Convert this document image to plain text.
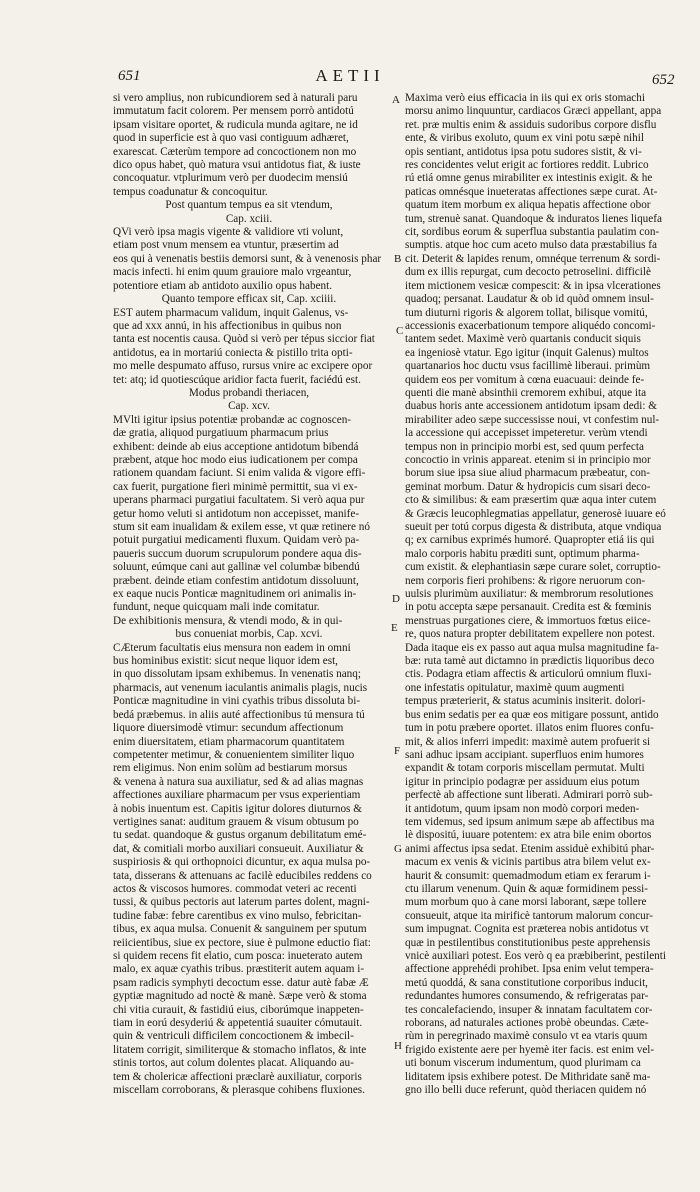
651	AETII	652

si vero amplius, non rubicundiorem sed à naturali paru

immutatum facit colorem. Per mensem porrò antidotú

ipsam visitare oportet, & rudicula munda agitare, ne id

quod in superficie est à quo vasi contiguum adhæret,

exarescat. Cæterùm tempore ad concoctionem non mo

dico opus habet, quò matura vsui antidotus fiat, & iuste

concoquatur. vtplurimum verò per duodecim mensiú

tempus coadunatur & concoquitur.

Post quantum tempus ea sit vtendum,

Cap. xciii.

QVi verò ipsa magis vigente & validiore vti volunt,

etiam post vnum mensem ea vtuntur, præsertim ad

eos qui à venenatis bestiis demorsi sunt, & à venenosis phar

macis infecti. hi enim quum grauiore malo vrgeantur,

potentiore etiam ab antidoto auxilio opus habent.

Quanto tempore efficax sit, Cap. xciiii.

EST autem pharmacum validum, inquit Galenus, vs-

que ad xxx annú, in his affectionibus in quibus non

tanta est nocentis causa. Quòd si verò per tépus siccior fiat

antidotus, ea in mortariú coniecta & pistillo trita opti-

mo melle despumato affuso, rursus vnire ac excipere opor

tet: atq; id quotiescúque aridior facta fuerit, faciédú est.

Modus probandi theriacen,

Cap. xcv.

MVlti igitur ipsius potentiæ probandæ ac cognoscen-

dæ gratia, aliquod purgatiuum pharmacum prius

exhibent: deinde ab eius acceptione antidotum bibendá

præbent, atque hoc modo eius iudicationem per compa

rationem quandam faciunt. Si enim valida & vigore effi-

cax fuerit, purgatione fieri minimè permittit, sua vi ex-

uperans pharmaci purgatiui facultatem. Si verò aqua pur

getur homo veluti si antidotum non accepisset, manife-

stum sit eam inualidam & exilem esse, vt quæ retinere nó

potuit purgatiui medicamenti fluxum. Quidam verò pa-

paueris succum duorum scrupulorum pondere aqua dis-

soluunt, eúmque cani aut gallinæ vel columbæ bibendú

præbent. deinde etiam confestim antidotum dissoluunt,

ex eaque nucis Ponticæ magnitudinem ori animalis in-

fundunt, neque quicquam mali inde comitatur.

De exhibitionis mensura, & vtendi modo, & in qui-

bus conueniat morbis, Cap. xcvi.

CÆterum facultatis eius mensura non eadem in omni

bus hominibus existit: sicut neque liquor idem est,

in quo dissolutam ipsam exhibemus. In venenatis nanq;

pharmacis, aut venenum iaculantis animalis plagis, nucis

Ponticæ magnitudine in vini cyathis tribus dissoluta bi-

bedá præbemus. in aliis auté affectionibus tú mensura tú

liquore diuersimodè vtimur: secundum affectionum

enim diuersitatem, etiam pharmacorum quantitatem

competenter metimur, & conuenientem similiter liquo

rem eligimus. Non enim solùm ad bestiarum morsus

& venena à natura sua auxiliatur, sed & ad alias magnas

affectiones auxiliare pharmacum per vsus experientiam

à nobis inuentum est. Capitis igitur dolores diuturnos &

vertigines sanat: auditum grauem & visum obtusum po

tu sedat. quandoque & gustus organum debilitatum emé-

dat, & comitiali morbo auxiliari consueuit. Auxiliatur &

suspiriosis & qui orthopnoici dicuntur, ex aqua mulsa po-

tata, disserans & attenuans ac facilè educibiles reddens co

actos & viscosos humores. commodat veteri ac recenti

tussi, & quibus pectoris aut laterum partes dolent, magni-

tudine fabæ: febre carentibus ex vino mulso, febricitan-

tibus, ex aqua mulsa. Conuenit & sanguinem per sputum

reiicientibus, siue ex pectore, siue è pulmone eductio fiat:

si quidem recens fit elatio, cum posca: inueterato autem

malo, ex aquæ cyathis tribus. præstiterit autem aquam i-

psam radicis symphyti decoctum esse. datur autè fabæ Æ

gyptiæ magnitudo ad noctè & manè. Sæpe verò & stoma

chi vitia curauit, & fastidiú eius, ciborúmque inappeten-

tiam in eorú desyderiú & appetentiá suauiter cómutauit.

quin & ventriculi difficilem concoctionem & imbecil-

litatem corrigit, similiterque & stomacho inflatos, & inte

stinis tortos, aut colum dolentes placat. Aliquando au-

tem & cholericæ affectioni præclarè auxiliatur, corporis

miscellam corroborans, & plerasque cohibens fluxiones.

Maxima verò eius efficacia in iis qui ex oris stomachi

morsu animo linquuntur, cardiacos Græci appellant, appa

ret. præ multis enim & assiduis sudoribus corpore disflu

ente, & viribus exoluto, quum ex vini potu sæpè nihil

opis sentiant, antidotus ipsa potu sudores sistit, & vi-

res concidentes velut erigit ac fortiores reddit. Lubrico

rú etiá omne genus mirabiliter ex intestinis exigit. & he

paticas omnésque inueteratas affectiones sæpe curat. At-

quatum item morbum ex aliqua hepatis affectione obor

tum, strenuè sanat. Quandoque & induratos lienes liquefa

cit, sordibus eorum & superflua substantia paulatim con-

sumptis. atque hoc cum aceto mulso data præstabilius fa

cit. Deterit & lapides renum, omnéque terrenum & sordi-

dum ex illis repurgat, cum decocto petroselini. difficilè

item mictionem vesicæ compescit: & in ipsa vlcerationes

quadoq; persanat. Laudatur & ob id quòd omnem insul-

tum diuturni rigoris & algorem tollat, bilisque vomitú,

accessionis exacerbationum tempore aliquédo concomi-

tantem sedet. Maximè verò quartanis conducit siquis

ea ingeniosè vtatur. Ego igitur (inquit Galenus) multos

quartanarios hoc ductu vsus facillimè liberaui. primùm

quidem eos per vomitum à cœna euacuaui: deinde fe-

quenti die manè absinthii cremorem exhibui, atque ita

duabus horis ante accessionem antidotum ipsam dedi: &

mirabiliter adeo sæpe successisse noui, vt confestim nul-

la accessione qui accepisset impeteretur. verùm vtendi

tempus non in principio morbi est, sed quum perfecta

concoctio in vrinis appareat. etenim si in principio mor

borum siue ipsa siue aliud pharmacum præbeatur, con-

geminat morbum. Datur & hydropicis cum sisari deco-

cto & similibus: & eam præsertim quæ aqua inter cutem

& Græcis leucophlegmatias appellatur, generosè iuuare eó

sueuit per totú corpus digesta & distributa, atque vndiqua

q; ex carnibus exprimés humoré. Quapropter etiá iis qui

malo corporis habitu præditi sunt, optimum pharma-

cum existit. & elephantiasin sæpe curare solet, corruptio-

nem corporis fieri prohibens: & rigore neruorum con-

uulsis plurimùm auxiliatur: & membrorum resolutiones

in potu accepta sæpe persanauit. Credita est & fœminis

menstruas purgationes ciere, & immortuos fœtus eiice-

re, quos natura propter debilitatem expellere non potest.

Dada itaque eis ex passo aut aqua mulsa magnitudine fa-

bæ: ruta tamè aut dictamno in prædictis liquoribus deco

ctis. Podagra etiam affectis & articulorú omnium fluxi-

one infestatis opitulatur, maximè quum augmenti

tempus præterierit, & status acuminis insiterit. dolori-

bus enim sedatis per ea quæ eos mitigare possunt, antido

tum in potu præbere oportet. illatos enim fluores confu-

mit, & alios inferri impedit: maximè autem profuerit si

sani adhuc ipsam accipiant. superfluos enim humores

expandit & totam corporis miscellam permutat. Multi

igitur in principio podagræ per assiduum eius potum

perfectè ab affectione sunt liberati. Admirari porrò sub-

it antidotum, quum ipsam non modò corpori meden-

tem videmus, sed ipsum animum sæpe ab affectibus ma

lè dispositú, iuuare potentem: ex atra bile enim obortos

animi affectus ipsa sedat. Etenim assiduè exhibitú phar-

macum ex venis & vicinis partibus atra bilem velut ex-

haurit & consumit: quemadmodum etiam ex ferarum i-

ctu illarum venenum. Quin & aquæ formidinem pessi-

mum morbum quo à cane morsi laborant, sæpe tollere

consueuit, atque ita mirificè tantorum malorum concur-

sum impugnat. Cognita est præterea nobis antidotus vt

quæ in pestilentibus constitutionibus peste apprehensis

vnicè auxiliari potest. Eos verò q ea præbiberint, pestilenti

affectione apprehédi prohibet. Ipsa enim velut tempera-

metú quoddá, & sana constitutione corporibus inducit,

redundantes humores consumendo, & refrigeratas par-

tes concalefaciendo, insuper & innatam facultatem cor-

roborans, ad naturales actiones probè obeundas. Cæte-

rùm in peregrinado maximè consulo vt ea vtaris quum

frigido existente aere per hyemè iter facis. est enim vel-

uti bonum viscerum indumentum, quod plurimam ca

liditatem ipsis exhibere potest. De Mithridate saně ma-

gno illo belli duce referunt, quòd theriacen quidem nó

A
B
C
D
E
F
G
H
